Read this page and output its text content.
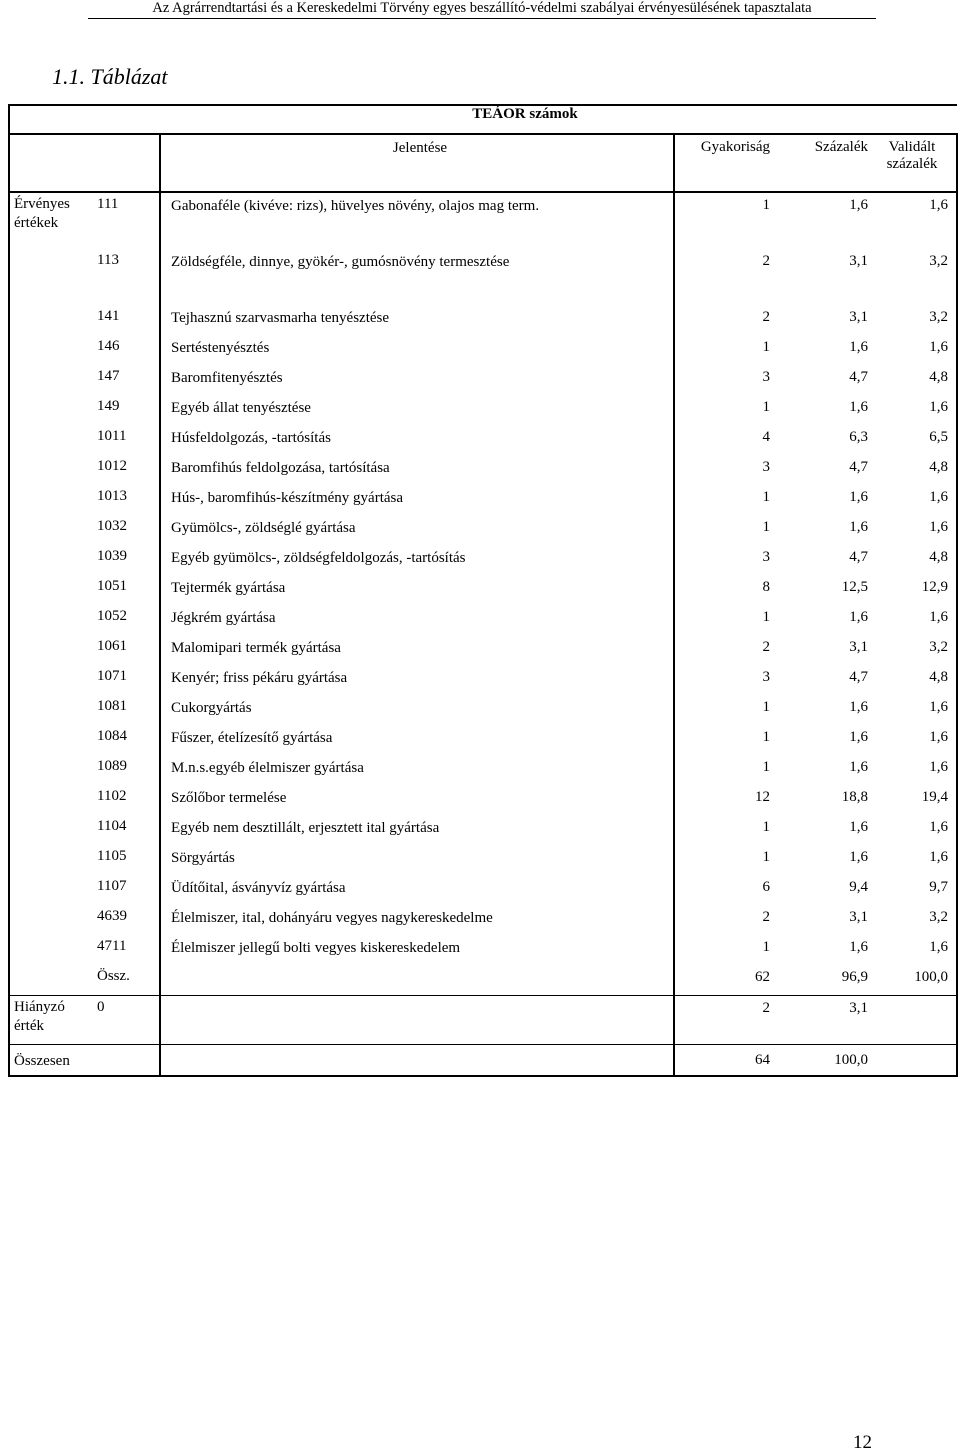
Az Agrárrendtartási és a Kereskedelmi Törvény egyes beszállító-védelmi szabályai érvényesülésének tapasztalata
1.1. Táblázat
	TEÁOR számok				
		Jelentése	Gyakoriság	Százalék	Validált
százalék
Érvényes
értékek	111	Gabonaféle (kivéve: rizs), hüvelyes növény, olajos mag term.	1	1,6	1,6
	113	Zöldségféle, dinnye, gyökér-, gumósnövény termesztése	2	3,1	3,2
	141	Tejhasznú szarvasmarha tenyésztése	2	3,1	3,2
	146	Sertéstenyésztés	1	1,6	1,6
	147	Baromfitenyésztés	3	4,7	4,8
	149	Egyéb állat tenyésztése	1	1,6	1,6
	1011	Húsfeldolgozás, -tartósítás	4	6,3	6,5
	1012	Baromfihús feldolgozása, tartósítása	3	4,7	4,8
	1013	Hús-, baromfihús-készítmény gyártása	1	1,6	1,6
	1032	Gyümölcs-, zöldséglé gyártása	1	1,6	1,6
	1039	Egyéb gyümölcs-, zöldségfeldolgozás, -tartósítás	3	4,7	4,8
	1051	Tejtermék gyártása	8	12,5	12,9
	1052	Jégkrém gyártása	1	1,6	1,6
	1061	Malomipari termék gyártása	2	3,1	3,2
	1071	Kenyér; friss pékáru gyártása	3	4,7	4,8
	1081	Cukorgyártás	1	1,6	1,6
	1084	Fűszer, ételízesítő gyártása	1	1,6	1,6
	1089	M.n.s.egyéb élelmiszer gyártása	1	1,6	1,6
	1102	Szőlőbor termelése	12	18,8	19,4
	1104	Egyéb nem desztillált, erjesztett ital gyártása	1	1,6	1,6
	1105	Sörgyártás	1	1,6	1,6
	1107	Üdítőital, ásványvíz gyártása	6	9,4	9,7
	4639	Élelmiszer, ital, dohányáru vegyes nagykereskedelme	2	3,1	3,2
	4711	Élelmiszer jellegű bolti vegyes kiskereskedelem	1	1,6	1,6
	Össz.		62	96,9	100,0
Hiányzó
érték	0		2	3,1	
Összesen			64	100,0	
12
